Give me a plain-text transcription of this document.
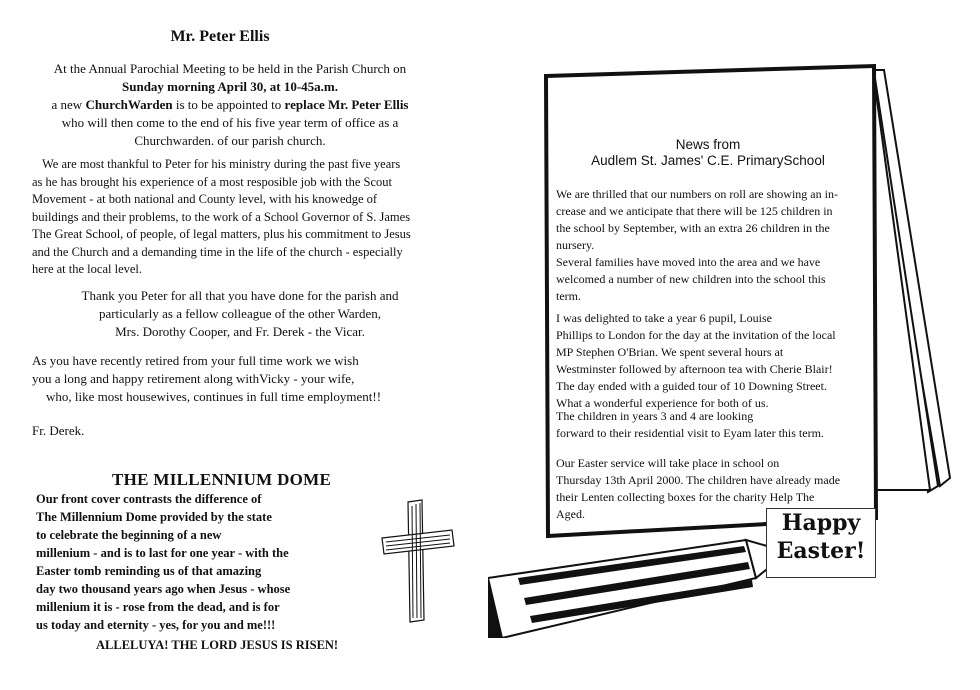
Mr. Peter Ellis

At the Annual Parochial Meeting to be held in the Parish Church on
Sunday morning April 30, at 10-45a.m.
a new ChurchWarden is to be appointed to replace Mr. Peter Ellis
who will then come to the end of his five year term of office as a
Churchwarden. of our parish church.

We are most thankful to Peter for his ministry during the past five years
as he has brought his experience of a most resposible job with the Scout
Movement - at both national and County level, with his knowedge of
buildings and their problems, to the work of a School Governor of S. James
The Great School, of people, of legal matters, plus his commitment to Jesus
and the Church and a demanding time in the life of the church - especially
here at the local level.

Thank you Peter for all that you have done for the parish and
particularly as a fellow colleague of the other Warden,
Mrs. Dorothy Cooper, and Fr. Derek - the Vicar.

As you have recently retired from your full time work we wish
you a long and happy retirement along withVicky - your wife,
who, like most housewives, continues in full time employment!!

Fr. Derek.
THE MILLENNIUM DOME

Our front cover contrasts the difference of
The Millennium Dome provided by the state
to celebrate the beginning of a new
millenium - and is to last for one year - with the
Easter tomb reminding us of that amazing
day two thousand years ago when Jesus - whose
millenium it is - rose from the dead, and is for
us today and eternity - yes, for you and me!!!

ALLELUYA! THE LORD JESUS IS RISEN!
News from
Audlem St. James' C.E. PrimarySchool

We are thrilled that our numbers on roll are showing an in-
crease and we anticipate that there will be 125 children in
the school by September, with an extra 26 children in the
nursery.
Several families have moved into the area and we have
welcomed a number of new children into the school this
term.

I was delighted to take a year 6 pupil, Louise
Phillips to London for the day at the invitation of the local
MP Stephen O'Brian. We spent several hours at
Westminster followed by afternoon tea with Cherie Blair!
The day ended with a guided tour of 10 Downing Street.
What a wonderful experience for both of us.

The children in years 3 and 4 are looking
forward to their residential visit to Eyam later this term.

Our Easter service will take place in school on
Thursday 13th April 2000. The children have already made
their Lenten collecting boxes for the charity Help The
Aged.	Happy
Easter!
